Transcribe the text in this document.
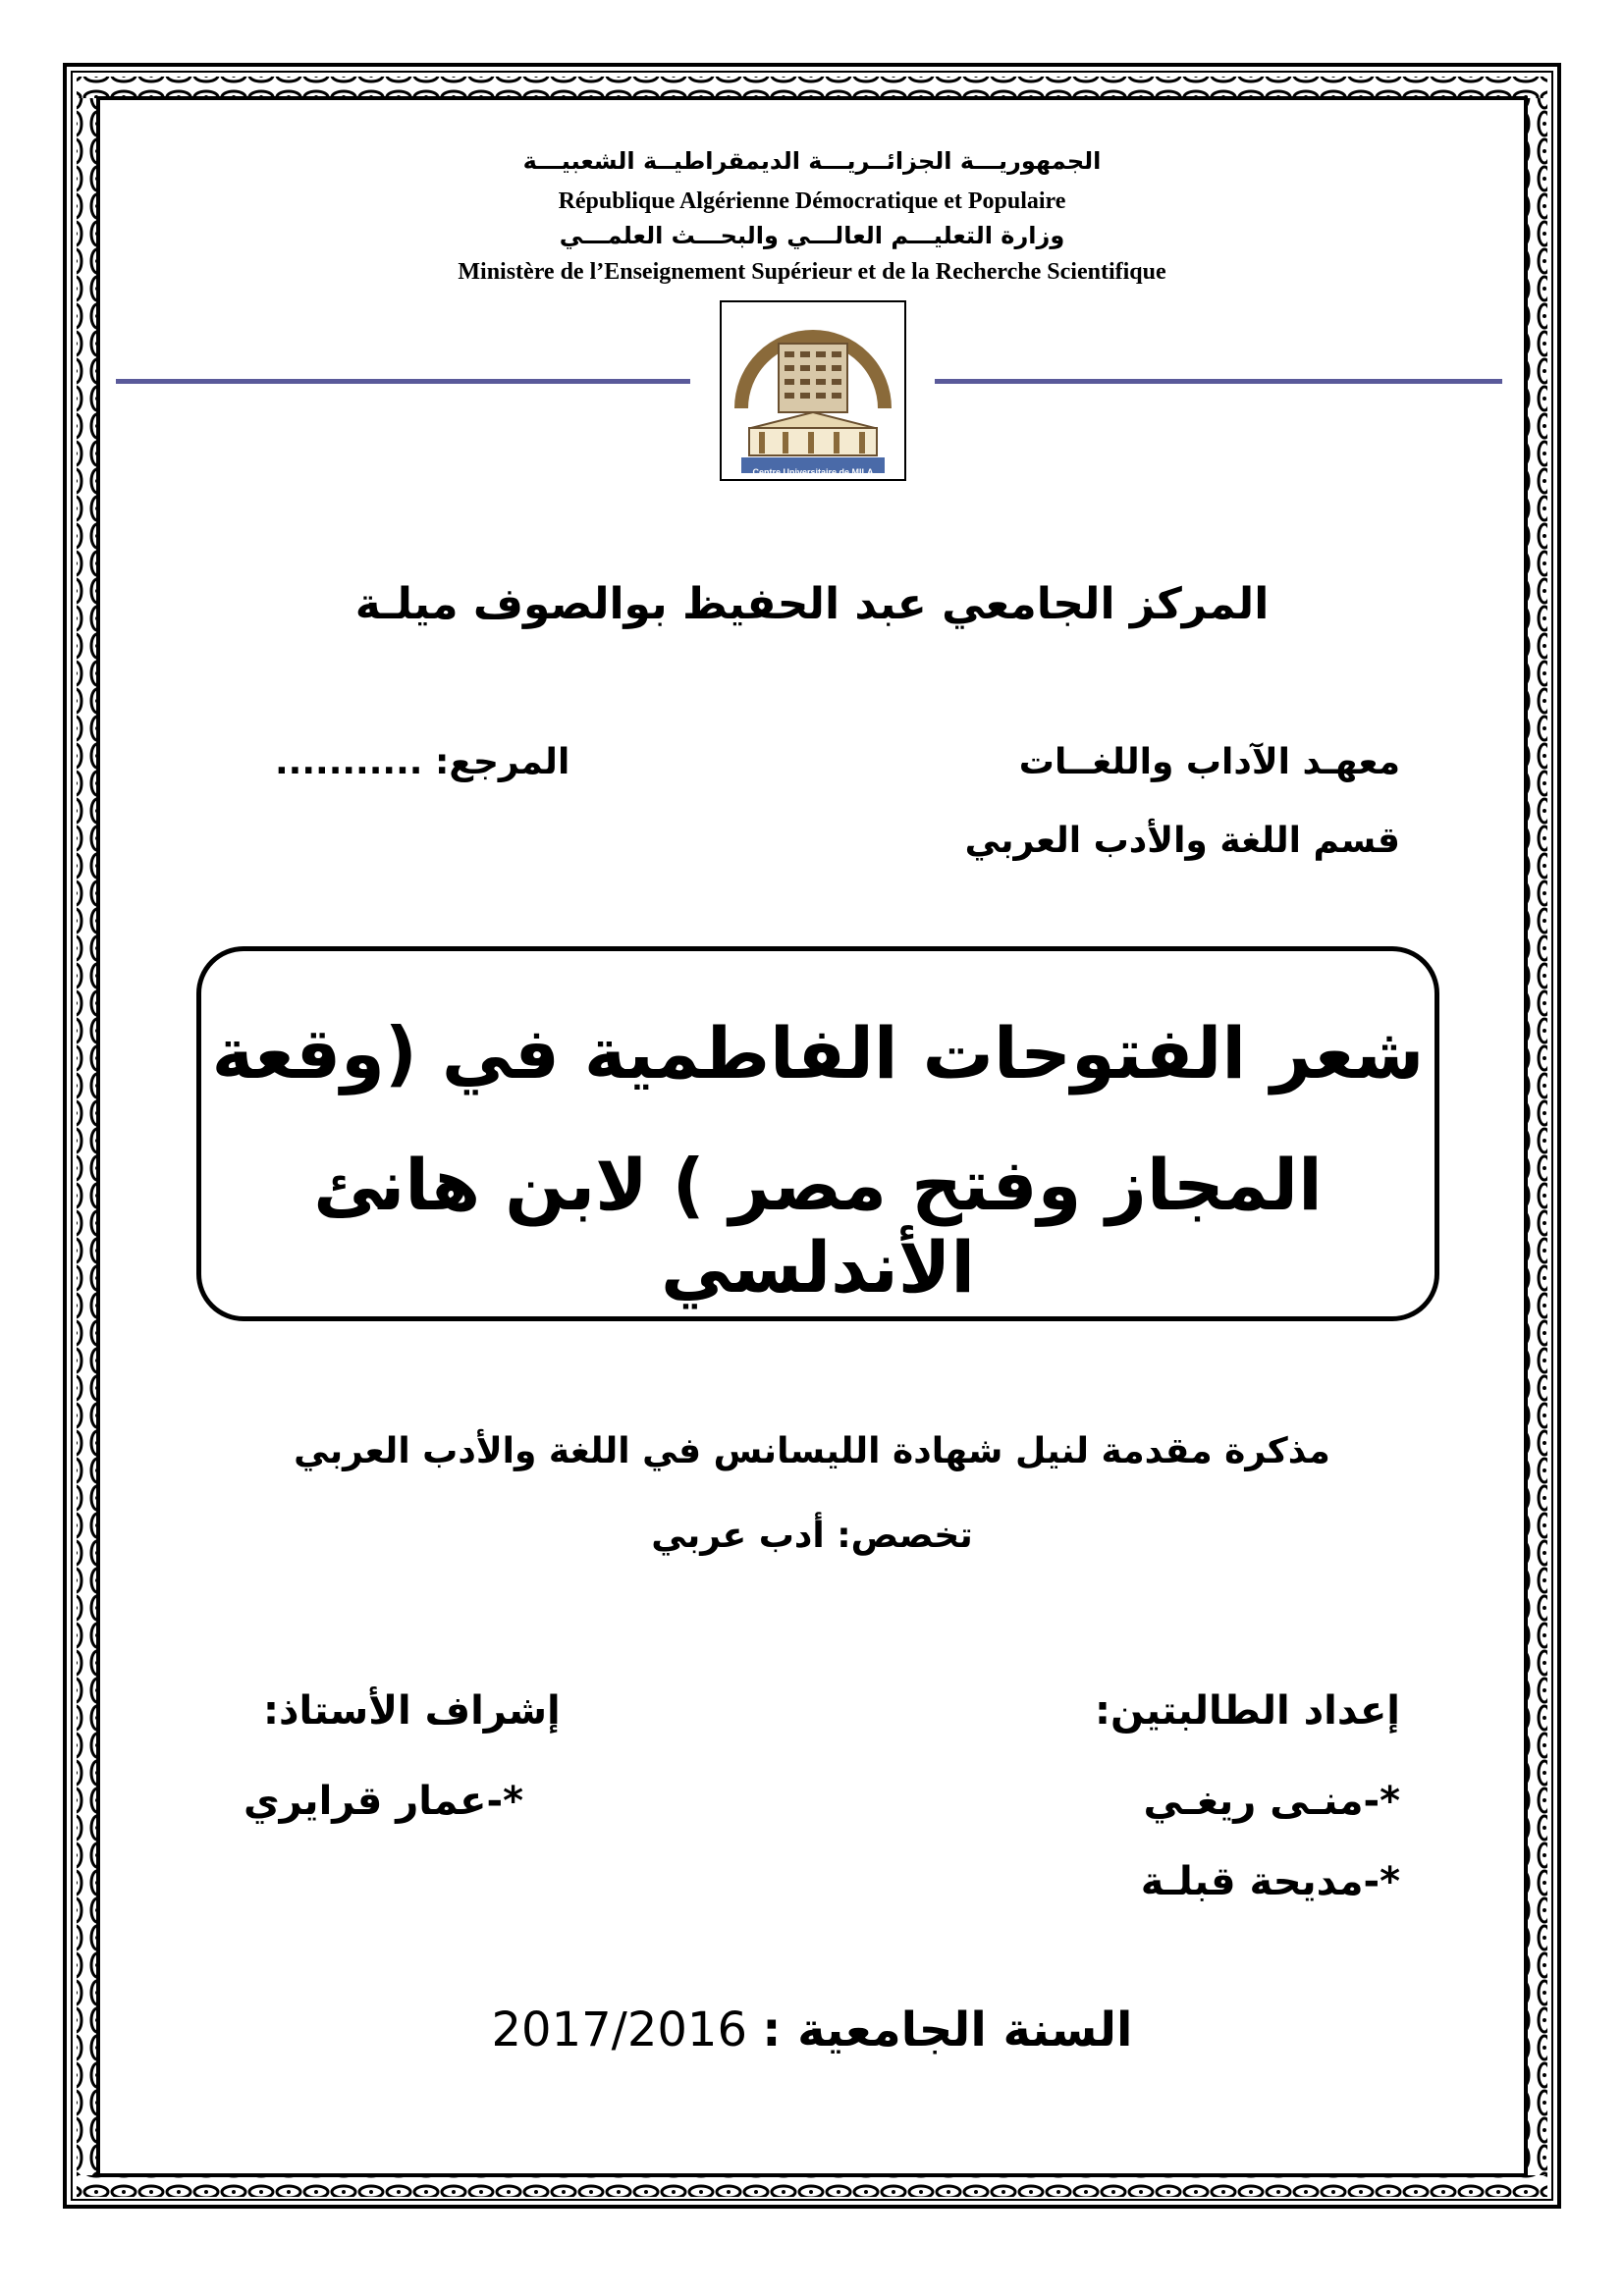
الجمهوريـــة الجزائــريـــة الديمقراطيــة الشعبيـــة
République Algérienne Démocratique et Populaire
وزارة التعليـــم العالـــي والبحـــث العلمـــي
Ministère de l’Enseignement Supérieur et de la Recherche Scientifique
Centre Universitaire de MILA
المركز الجامعي عبد الحفيظ بوالصوف ميلـة
معهـد الآداب واللغــات
المرجع: ...........
قسم اللغة والأدب العربي
شعر الفتوحات الفاطمية في (وقعة
المجاز وفتح مصر ) لابن هانئ الأندلسي
مذكرة مقدمة لنيل شهادة الليسانس في اللغة والأدب العربي
تخصص: أدب عربي
إعداد الطالبتين:
إشراف الأستاذ:
*-منـى ريغـي
*-مديحة قبلـة
*-عمار قرايري
السنة الجامعية : 2017/2016
